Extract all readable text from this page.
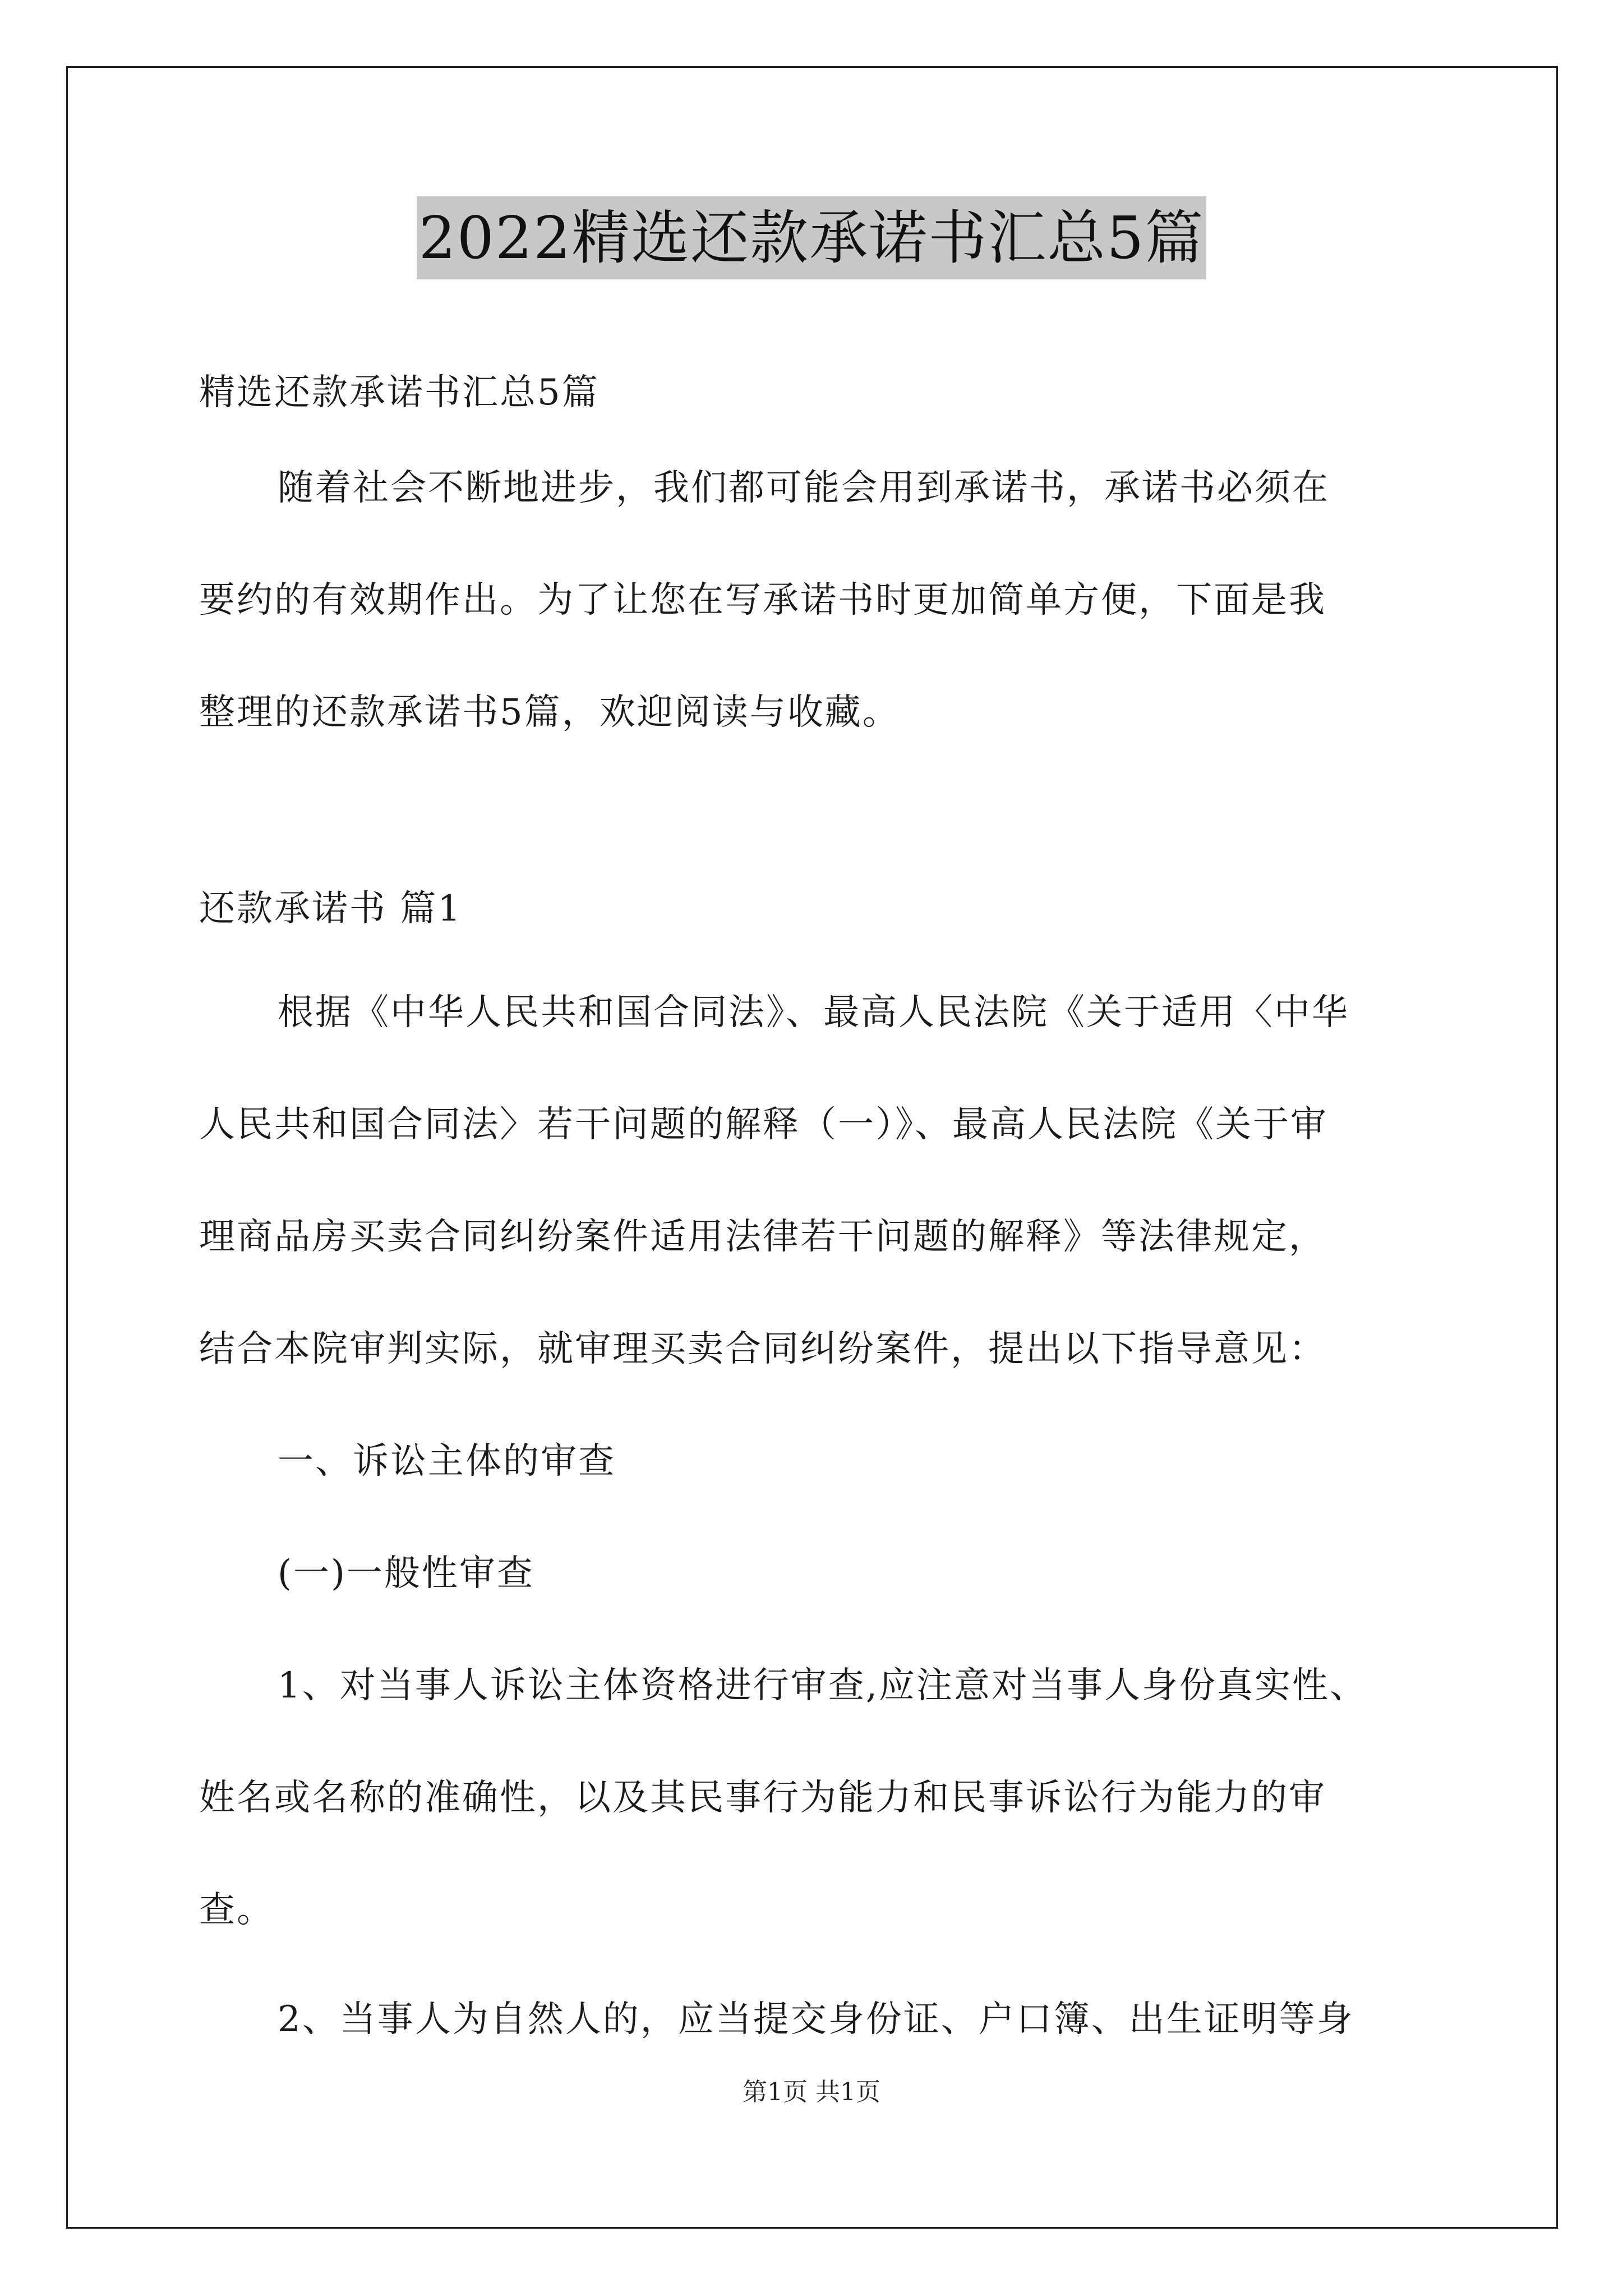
2022精选还款承诺书汇总5篇

精选还款承诺书汇总5篇

随着社会不断地进步，我们都可能会用到承诺书，承诺书必须在
要约的有效期作出。为了让您在写承诺书时更加简单方便，下面是我
整理的还款承诺书5篇，欢迎阅读与收藏。

还款承诺书 篇1

根据《中华人民共和国合同法》、最高人民法院《关于适用〈中华
人民共和国合同法〉若干问题的解释（一）》、最高人民法院《关于审
理商品房买卖合同纠纷案件适用法律若干问题的解释》等法律规定，
结合本院审判实际，就审理买卖合同纠纷案件，提出以下指导意见：

一、诉讼主体的审查

(一)一般性审查

1、对当事人诉讼主体资格进行审查,应注意对当事人身份真实性、
姓名或名称的准确性，以及其民事行为能力和民事诉讼行为能力的审
查。

2、当事人为自然人的，应当提交身份证、户口簿、出生证明等身

第1页 共1页
